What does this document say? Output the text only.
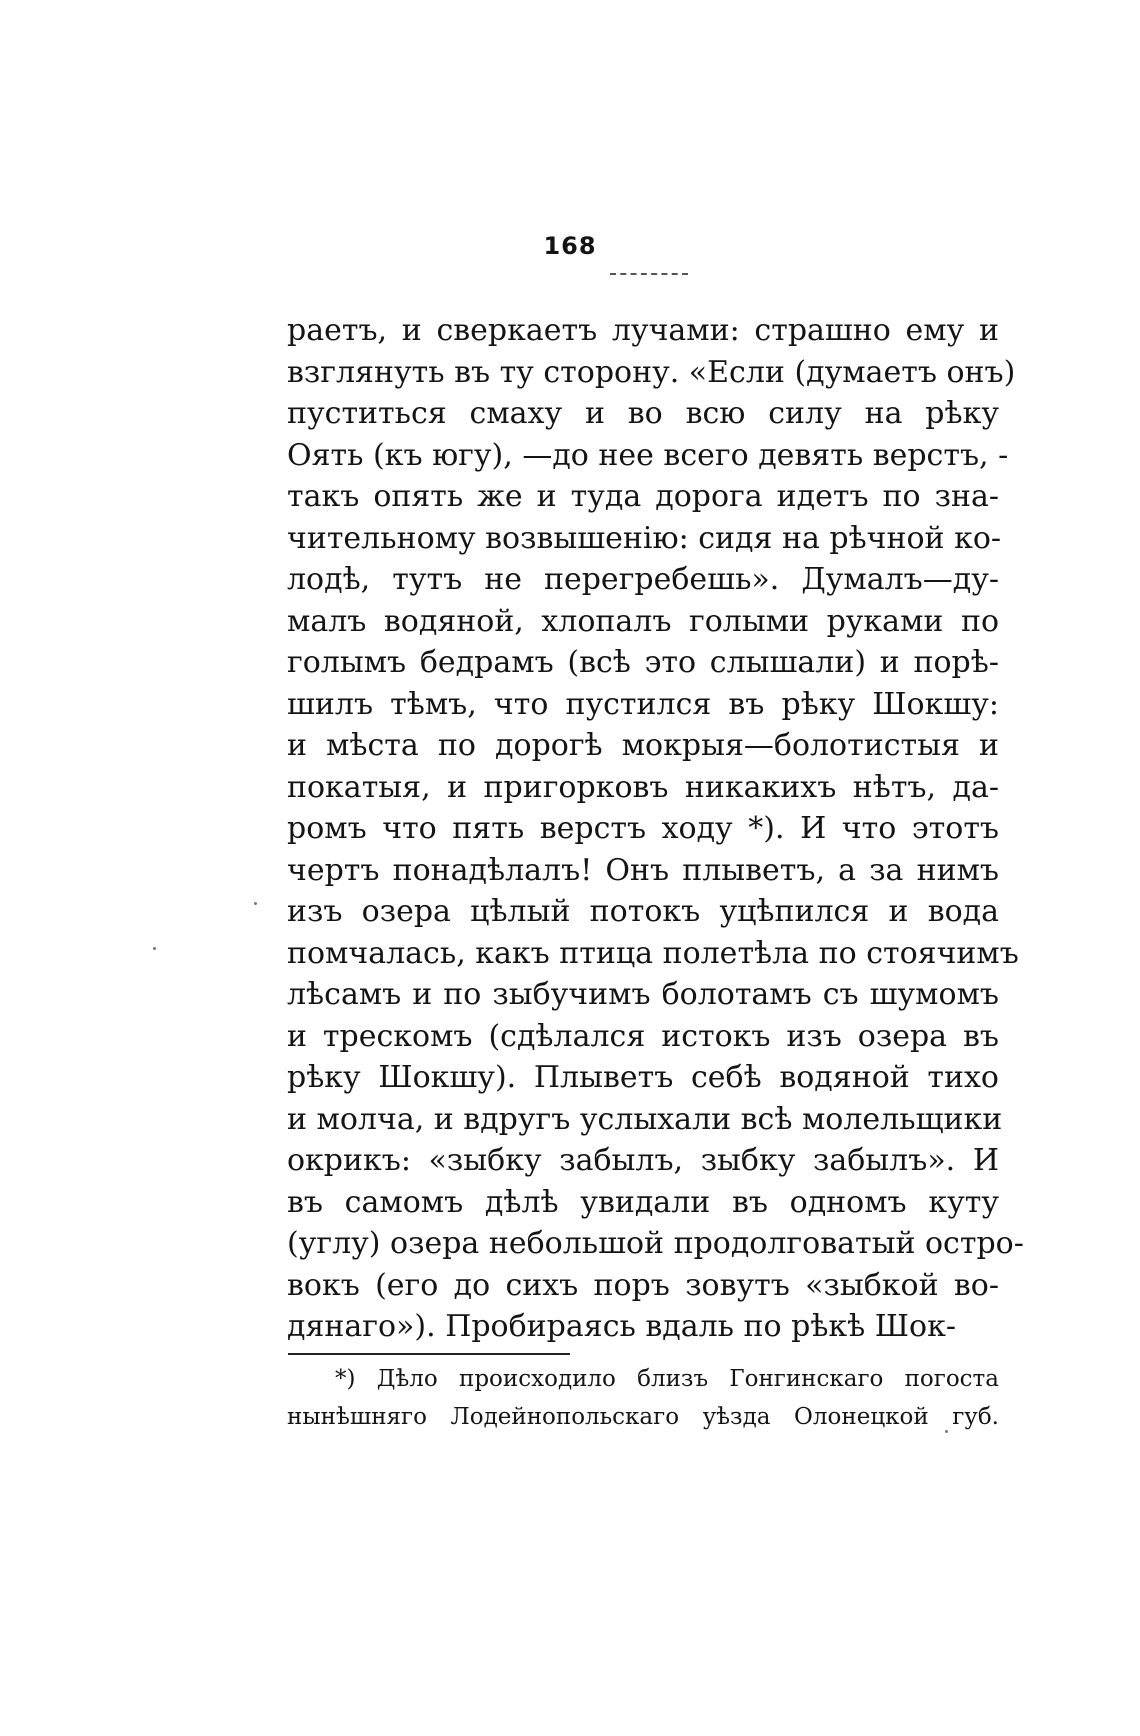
168
раетъ, и сверкаетъ лучами: страшно ему и
взглянуть въ ту сторону. «Если (думаетъ онъ)
пуститься смаху и во всю силу на рѣку
Оять (къ югу), —до нее всего девять верстъ, -
такъ опять же и туда дорога идетъ по зна-
чительному возвышенію: сидя на рѣчной ко-
лодѣ, тутъ не перегребешь». Думалъ—ду-
малъ водяной, хлопалъ голыми руками по
голымъ бедрамъ (всѣ это слышали) и порѣ-
шилъ тѣмъ, что пустился въ рѣку Шокшу:
и мѣста по дорогѣ мокрыя—болотистыя и
покатыя, и пригорковъ никакихъ нѣтъ, да-
ромъ что пять верстъ ходу *). И что этотъ
чертъ понадѣлалъ! Онъ плыветъ, а за нимъ
изъ озера цѣлый потокъ уцѣпился и вода
помчалась, какъ птица полетѣла по стоячимъ
лѣсамъ и по зыбучимъ болотамъ съ шумомъ
и трескомъ (сдѣлался истокъ изъ озера въ
рѣку Шокшу). Плыветъ себѣ водяной тихо
и молча, и вдругъ услыхали всѣ молельщики
окрикъ: «зыбку забылъ, зыбку забылъ». И
въ самомъ дѣлѣ увидали въ одномъ куту
(углу) озера небольшой продолговатый остро-
вокъ (его до сихъ поръ зовутъ «зыбкой во-
дянаго»). Пробираясь вдаль по рѣкѣ Шок-
*) Дѣло происходило близъ Гонгинскаго погоста
нынѣшняго Лодейнопольскаго уѣзда Олонецкой губ.
